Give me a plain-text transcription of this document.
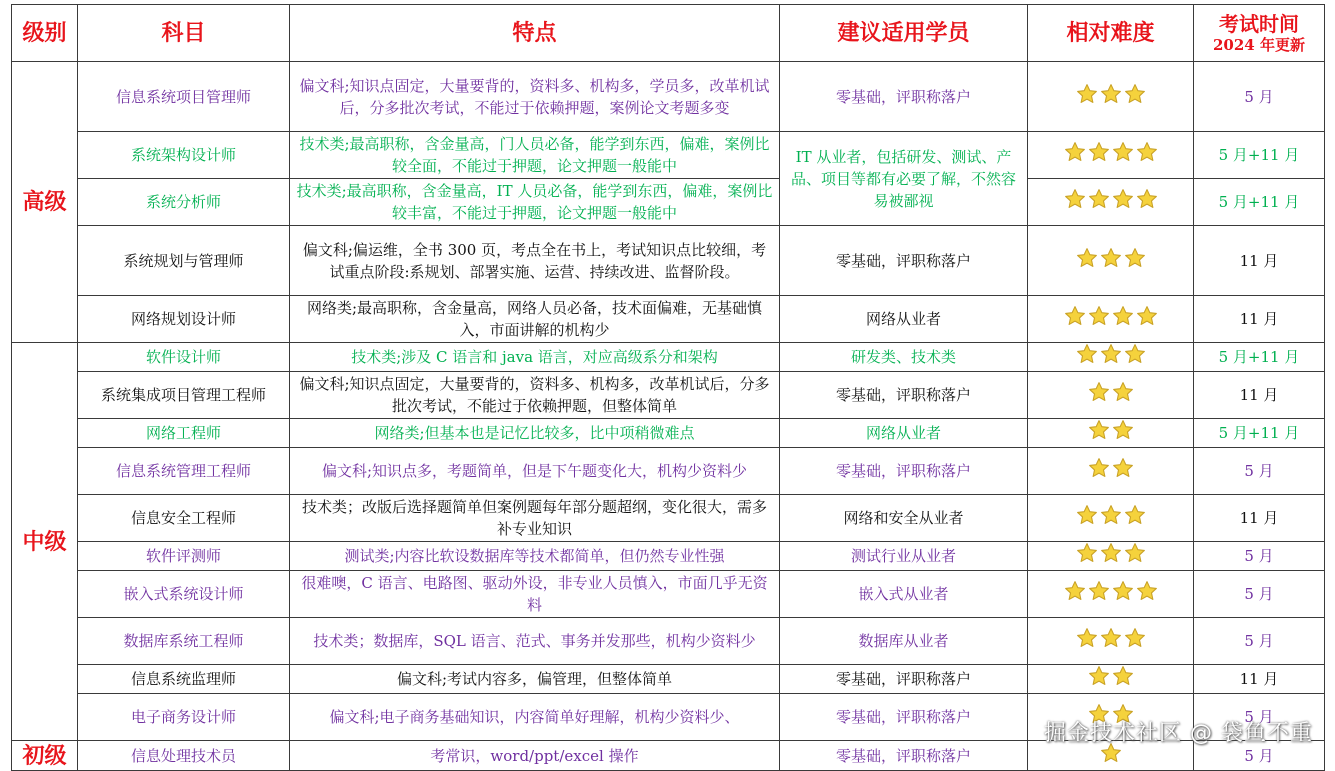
级别	科目	特点	建议适用学员	相对难度	考试时间
2024 年更新

高级	信息系统项目管理师	偏文科;知识点固定，大量要背的，资料多、机构多，学员多，改革机试后，分多批次考试，不能过于依赖押题，案例论文考题多变	零基础，评职称落户		5 月
	系统架构设计师	技术类;最高职称，含金量高，门人员必备，能学到东西，偏难，案例比较全面，不能过于押题，论文押题一般能中	IT 从业者，包括研发、测试、产品、项目等都有必要了解，不然容易被鄙视		5 月+11 月
	系统分析师	技术类;最高职称，含金量高，IT 人员必备，能学到东西，偏难，案例比较丰富，不能过于押题，论文押题一般能中			5 月+11 月
	系统规划与管理师	偏文科;偏运维，全书 300 页，考点全在书上，考试知识点比较细，考试重点阶段:系规划、部署实施、运营、持续改进、监督阶段。	零基础，评职称落户		11 月
	网络规划设计师	网络类;最高职称，含金量高，网络人员必备，技术面偏难，无基础慎入，市面讲解的机构少	网络从业者		11 月
中级	软件设计师	技术类;涉及 C 语言和 java 语言，对应高级系分和架构	研发类、技术类		5 月+11 月
	系统集成项目管理工程师	偏文科;知识点固定，大量要背的，资料多、机构多，改革机试后，分多批次考试，不能过于依赖押题，但整体简单	零基础，评职称落户		11 月
	网络工程师	网络类;但基本也是记忆比较多，比中项稍微难点	网络从业者		5 月+11 月
	信息系统管理工程师	偏文科;知识点多，考题简单，但是下午题变化大，机构少资料少	零基础，评职称落户		5 月
	信息安全工程师	技术类；改版后选择题简单但案例题每年部分题超纲，变化很大，需多补专业知识	网络和安全从业者		11 月
	软件评测师	测试类;内容比软设数据库等技术都简单，但仍然专业性强	测试行业从业者		5 月
	嵌入式系统设计师	很难噢，C 语言、电路图、驱动外设，非专业人员慎入，市面几乎无资料	嵌入式从业者		5 月
	数据库系统工程师	技术类；数据库，SQL 语言、范式、事务并发那些，机构少资料少	数据库从业者		5 月
	信息系统监理师	偏文科;考试内容多，偏管理，但整体简单	零基础，评职称落户		11 月
	电子商务设计师	偏文科;电子商务基础知识，内容简单好理解，机构少资料少、	零基础，评职称落户		5 月
初级	信息处理技术员	考常识，word/ppt/excel 操作	零基础，评职称落户		5 月
掘金技术社区 @ 袋鱼不重
